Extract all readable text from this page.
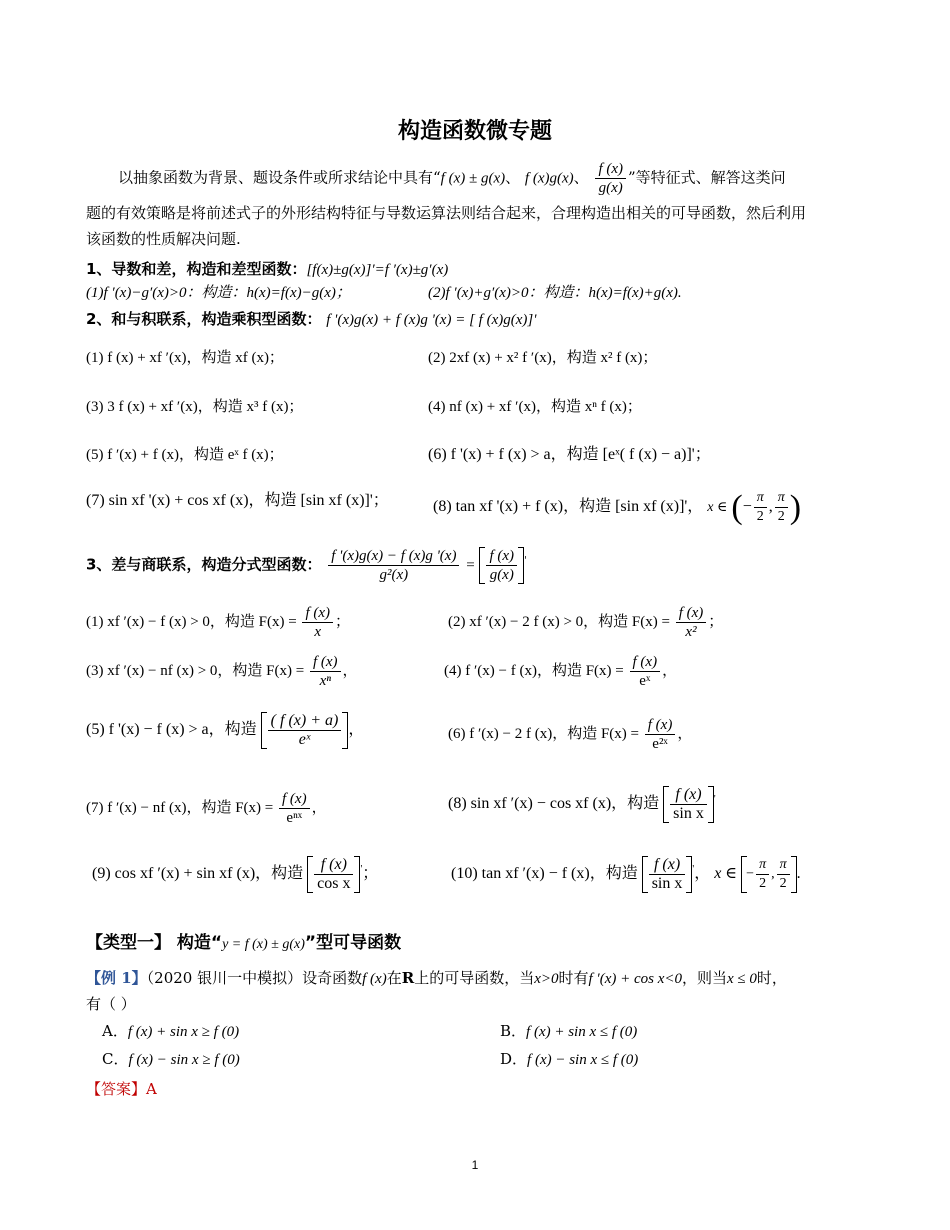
构造函数微专题
以抽象函数为背景、题设条件或所求结论中具有“f (x) ± g(x)、 f (x)g(x)、 $\frac{f (x)}{g(x)}$ ”等特征式、解答这类问
题的有效策略是将前述式子的外形结构特征与导数运算法则结合起来，合理构造出相关的可导函数，然后利用
该函数的性质解决问题.
1、导数和差，构造和差型函数：[f(x)±g(x)]′=f ′(x)±g′(x)
(1)f ′(x)−g′(x)>0：构造：h(x)=f(x)−g(x)；	(2)f ′(x)+g′(x)>0：构造：h(x)=f(x)+g(x).
2、和与积联系，构造乘积型函数： f '(x)g(x) + f (x)g '(x) = [ f (x)g(x)]'
(1) f (x) + xf ′(x)，构造 xf (x)；	(2) 2xf (x) + x² f ′(x)，构造 x² f (x)；
(3) 3 f (x) + xf ′(x)，构造 x³ f (x)；	(4) nf (x) + xf ′(x)，构造 xⁿ f (x)；
(5) f ′(x) + f (x)，构造 eˣ f (x)；	(6) f '(x) + f (x) > a，构造 [eˣ( f (x) − a)]'；
(7) sin xf '(x) + cos xf (x)，构造 [sin xf (x)]'；	(8) tan xf '(x) + f (x)，构造 [sin xf (x)]'， x ∈ (− $\frac{\pi}{2}$ , $\frac{\pi}{2}$ )
3、差与商联系，构造分式型函数： $\frac{f '(x)g(x) - f (x)g '(x)}{\text{g²(x)}} = \frac{f (x)}{g(x)} '$
(1) xf ′(x) − f (x) > 0，构造 $F(x) = \frac{f (x)}{x}$ ；	(2) xf ′(x) − 2 f (x) > 0，构造 $F(x) = \frac{f (x)}{\text{x²}}$ ；
(3) xf ′(x) − nf (x) > 0，构造 $F(x) = \frac{f (x)}{\text{xⁿ}}$ ，	(4) f ′(x) − f (x)，构造 $F(x) = \frac{f (x)}{\text{eˣ}}$ ，
(5) f '(x) − f (x) > a，构造 $\frac{( f (x) + a)}{\text{eˣ}}$ ，	(6) f ′(x) − 2 f (x)，构造 $F(x) = \frac{f (x)}{\text{e²ˣ}}$ ，
(7) f ′(x) − nf (x)，构造 $F(x) = \frac{f (x)}{\text{eⁿˣ}}$ ，	(8) sin xf ′(x) − cos xf (x)，构造 $\frac{f (x)}{\text{sin x}} '$
(9) cos xf ′(x) + sin xf (x)，构造 $\frac{f (x)}{\text{cos x}} '$；	(10) tan xf ′(x) − f (x)，构造 $\frac{f (x)}{\text{sin x}} '$， x ∈ − $\frac{\pi}{2}$ , $\frac{\pi}{2}$ .
【类型一】 构造“y = f (x) ± g(x)”型可导函数
【例 1】（2020 银川一中模拟）设奇函数f (x)在R上的可导函数，当x>0时有f ′(x) + cos x<0，则当x ≤ 0时，
有（ ）
A．f (x) + sin x ≥ f (0)	B．f (x) + sin x ≤ f (0)
C．f (x) − sin x ≥ f (0)	D．f (x) − sin x ≤ f (0)
【答案】A
1
